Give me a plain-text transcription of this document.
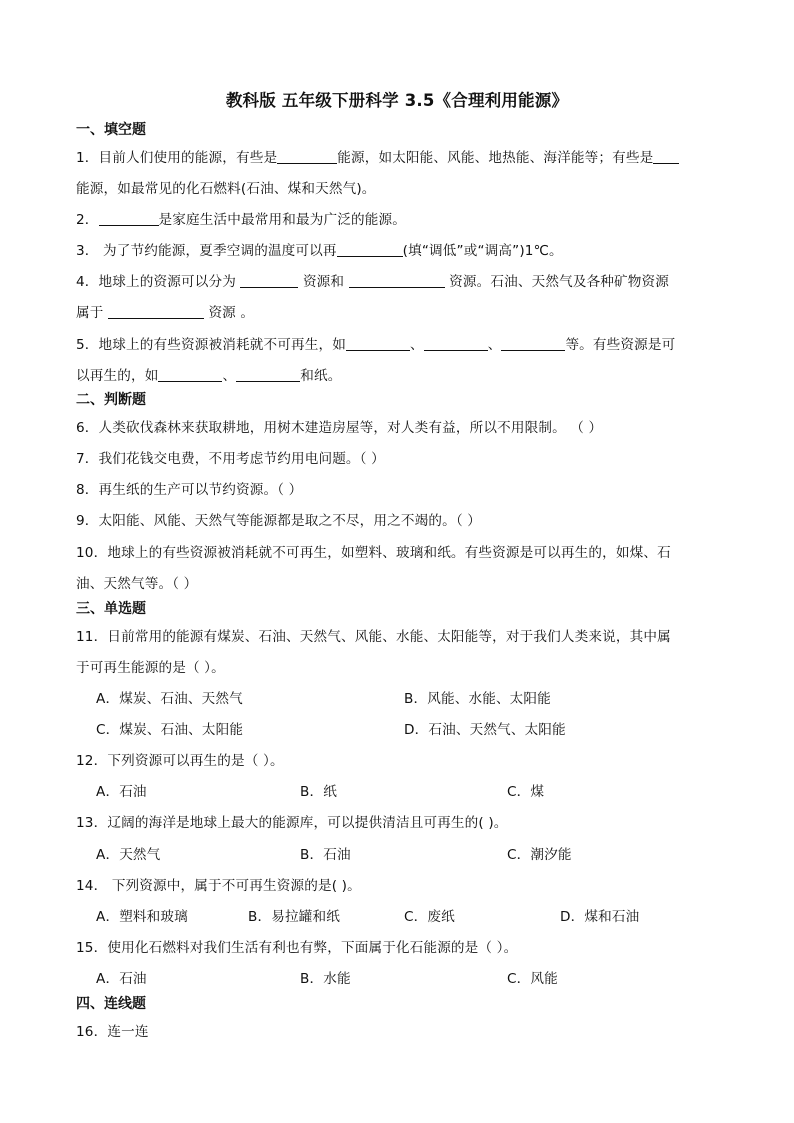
教科版 五年级下册科学 3.5《合理利用能源》
一、填空题
1．目前人们使用的能源，有些是	能源，如太阳能、风能、地热能、海洋能等；有些是
能源，如最常见的化石燃料(石油、煤和天然气)。
2．	是家庭生活中最常用和最为广泛的能源。
3． 为了节约能源，夏季空调的温度可以再	(填“调低”或“调高”)1℃。
4．地球上的资源可以分为	资源和	资源。石油、天然气及各种矿物资源
属于	资源 。
5．地球上的有些资源被消耗就不可再生，如	、	、	等。有些资源是可
以再生的，如	、	和纸。
二、判断题
6．人类砍伐森林来获取耕地，用树木建造房屋等，对人类有益，所以不用限制。 （ ）
7．我们花钱交电费，不用考虑节约用电问题。（ ）
8．再生纸的生产可以节约资源。（ ）
9．太阳能、风能、天然气等能源都是取之不尽，用之不竭的。（ ）
10．地球上的有些资源被消耗就不可再生，如塑料、玻璃和纸。有些资源是可以再生的，如煤、石
油、天然气等。（ ）
三、单选题
11．日前常用的能源有煤炭、石油、天然气、风能、水能、太阳能等，对于我们人类来说，其中属
于可再生能源的是（ ）。
A．煤炭、石油、天然气	B．风能、水能、太阳能
C．煤炭、石油、太阳能	D．石油、天然气、太阳能
12．下列资源可以再生的是（ ）。
A．石油	B．纸	C．煤
13．辽阔的海洋是地球上最大的能源库，可以提供清洁且可再生的( )。
A．天然气	B．石油	C．潮汐能
14． 下列资源中，属于不可再生资源的是( )。
A．塑料和玻璃	B．易拉罐和纸	C．废纸	D．煤和石油
15．使用化石燃料对我们生活有利也有弊，下面属于化石能源的是（ ）。
A．石油	B．水能	C．风能
四、连线题
16．连一连
